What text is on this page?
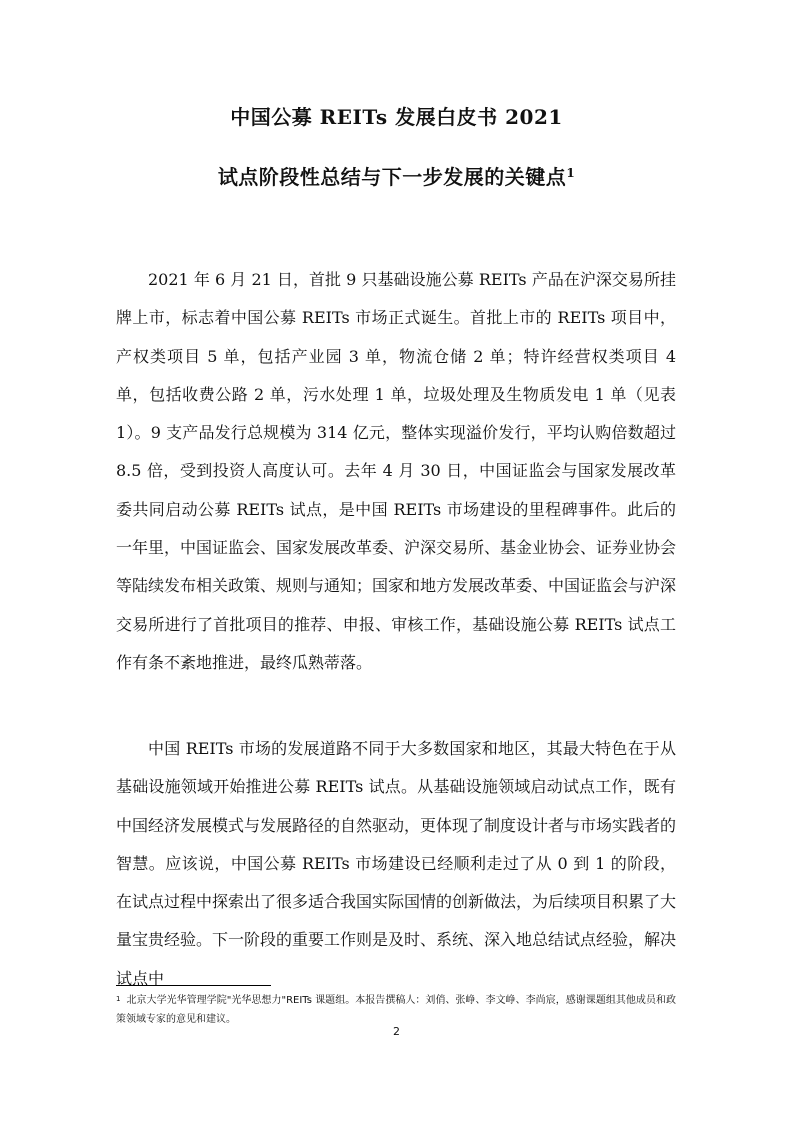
中国公募 REITs 发展白皮书 2021
试点阶段性总结与下一步发展的关键点$^1$

2021 年 6 月 21 日，首批 9 只基础设施公募 REITs 产品在沪深交易所挂牌上市，标志着中国公募 REITs 市场正式诞生。首批上市的 REITs 项目中，产权类项目 5 单，包括产业园 3 单，物流仓储 2 单；特许经营权类项目 4 单，包括收费公路 2 单，污水处理 1 单，垃圾处理及生物质发电 1 单（见表 1）。9 支产品发行总规模为 314 亿元，整体实现溢价发行，平均认购倍数超过 8.5 倍，受到投资人高度认可。去年 4 月 30 日，中国证监会与国家发展改革委共同启动公募 REITs 试点，是中国 REITs 市场建设的里程碑事件。此后的一年里，中国证监会、国家发展改革委、沪深交易所、基金业协会、证券业协会等陆续发布相关政策、规则与通知；国家和地方发展改革委、中国证监会与沪深交易所进行了首批项目的推荐、申报、审核工作，基础设施公募 REITs 试点工作有条不紊地推进，最终瓜熟蒂落。

中国 REITs 市场的发展道路不同于大多数国家和地区，其最大特色在于从基础设施领域开始推进公募 REITs 试点。从基础设施领域启动试点工作，既有中国经济发展模式与发展路径的自然驱动，更体现了制度设计者与市场实践者的智慧。应该说，中国公募 REITs 市场建设已经顺利走过了从 0 到 1 的阶段，在试点过程中探索出了很多适合我国实际国情的创新做法，为后续项目积累了大量宝贵经验。下一阶段的重要工作则是及时、系统、深入地总结试点经验，解决试点中

$^1$ 北京大学光华管理学院"光华思想力"REITs 课题组。本报告撰稿人：刘俏、张峥、李文峥、李尚宸，感谢课题组其他成员和政策领域专家的意见和建议。

2
